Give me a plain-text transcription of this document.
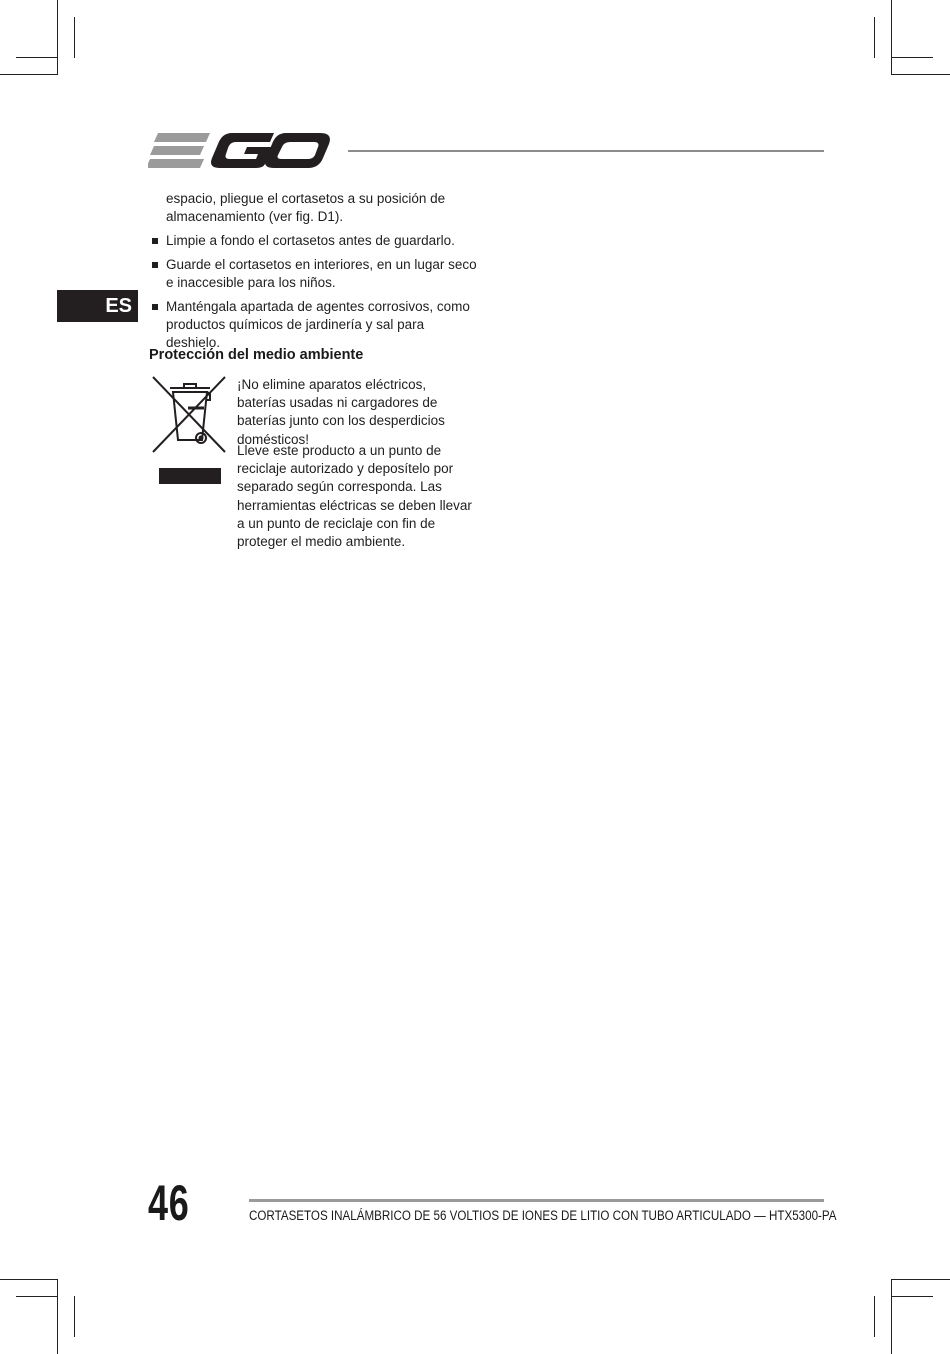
ES
espacio, pliegue el cortasetos a su posición de almacenamiento (ver fig. D1).
Limpie a fondo el cortasetos antes de guardarlo.
Guarde el cortasetos en interiores, en un lugar seco e inaccesible para los niños.
Manténgala apartada de agentes corrosivos, como productos químicos de jardinería y sal para deshielo.
Protección del medio ambiente
¡No elimine aparatos eléctricos, baterías usadas ni cargadores de baterías junto con los desperdicios domésticos!
Lleve este producto a un punto de reciclaje autorizado y deposítelo por separado según corresponda. Las herramientas eléctricas se deben llevar a un punto de reciclaje con fin de proteger el medio ambiente.
46	CORTASETOS INALÁMBRICO DE 56 VOLTIOS DE IONES DE LITIO CON TUBO ARTICULADO — HTX5300-PA
